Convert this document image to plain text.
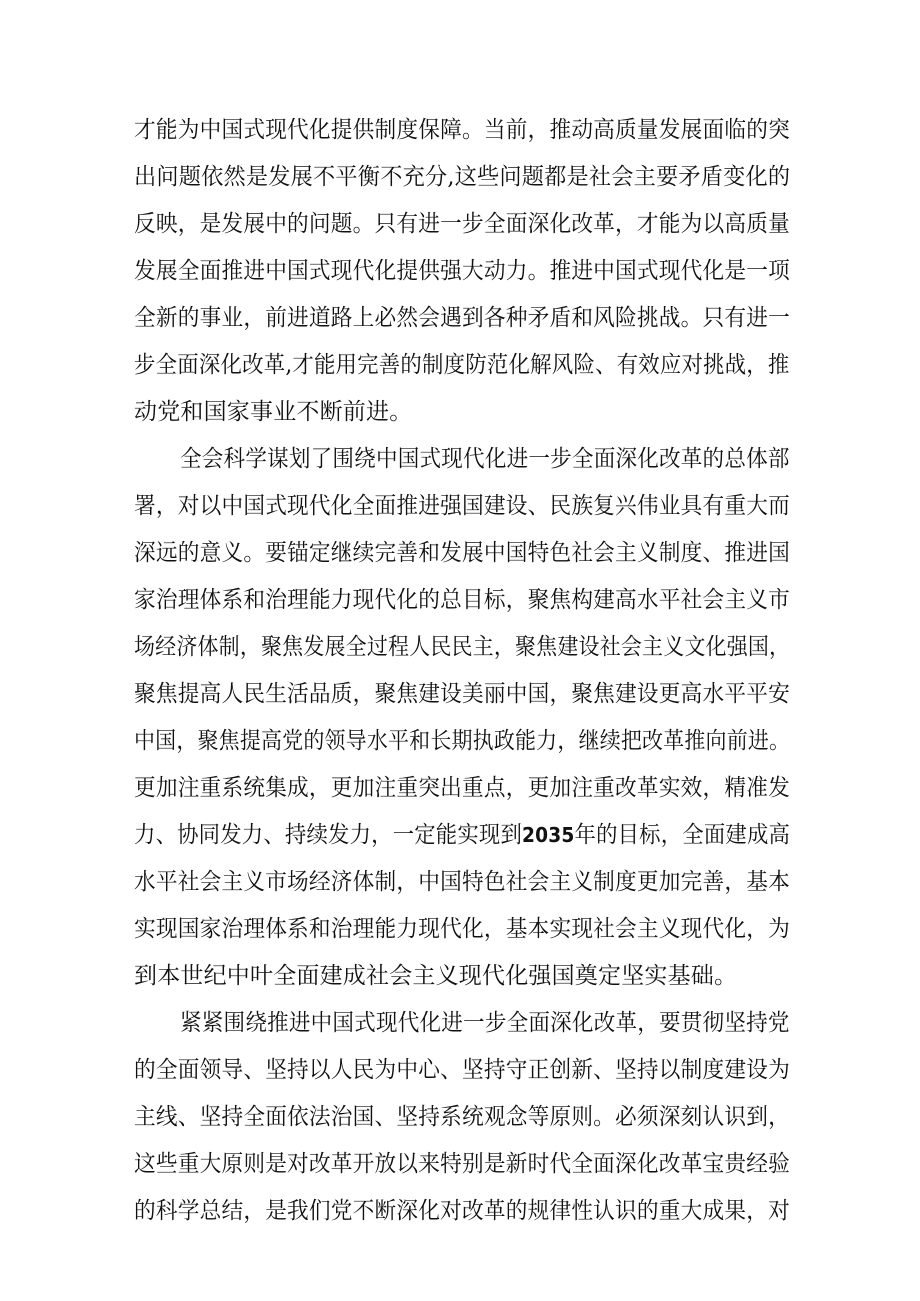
才能为中国式现代化提供制度保障。当前，推动高质量发展面临的突
出问题依然是发展不平衡不充分,这些问题都是社会主要矛盾变化的
反映，是发展中的问题。只有进一步全面深化改革，才能为以高质量
发展全面推进中国式现代化提供强大动力。推进中国式现代化是一项
全新的事业，前进道路上必然会遇到各种矛盾和风险挑战。只有进一
步全面深化改革,才能用完善的制度防范化解风险、有效应对挑战，推
动党和国家事业不断前进。
全会科学谋划了围绕中国式现代化进一步全面深化改革的总体部
署，对以中国式现代化全面推进强国建设、民族复兴伟业具有重大而
深远的意义。要锚定继续完善和发展中国特色社会主义制度、推进国
家治理体系和治理能力现代化的总目标，聚焦构建高水平社会主义市
场经济体制，聚焦发展全过程人民民主，聚焦建设社会主义文化强国，
聚焦提高人民生活品质，聚焦建设美丽中国，聚焦建设更高水平平安
中国，聚焦提高党的领导水平和长期执政能力，继续把改革推向前进。
更加注重系统集成，更加注重突出重点，更加注重改革实效，精准发
力、协同发力、持续发力，一定能实现到2035年的目标，全面建成高
水平社会主义市场经济体制，中国特色社会主义制度更加完善，基本
实现国家治理体系和治理能力现代化，基本实现社会主义现代化，为
到本世纪中叶全面建成社会主义现代化强国奠定坚实基础。
紧紧围绕推进中国式现代化进一步全面深化改革，要贯彻坚持党
的全面领导、坚持以人民为中心、坚持守正创新、坚持以制度建设为
主线、坚持全面依法治国、坚持系统观念等原则。必须深刻认识到，
这些重大原则是对改革开放以来特别是新时代全面深化改革宝贵经验
的科学总结，是我们党不断深化对改革的规律性认识的重大成果，对
